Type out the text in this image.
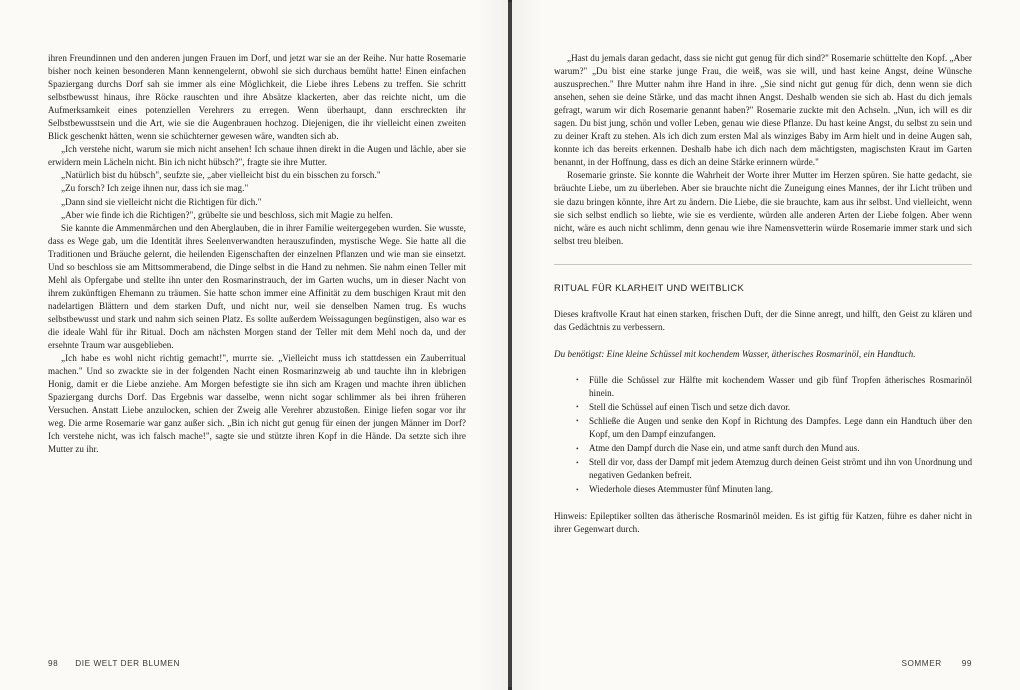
ihren Freundinnen und den anderen jungen Frauen im Dorf, und jetzt war sie an der Reihe. Nur hatte Rosemarie bisher noch keinen besonderen Mann kennengelernt, obwohl sie sich durchaus bemüht hatte! Einen einfachen Spaziergang durchs Dorf sah sie immer als eine Möglichkeit, die Liebe ihres Lebens zu treffen. Sie schritt selbstbewusst hinaus, ihre Röcke rauschten und ihre Absätze klackerten, aber das reichte nicht, um die Aufmerksamkeit eines potenziellen Verehrers zu erregen. Wenn überhaupt, dann erschreckten ihr Selbstbewusstsein und die Art, wie sie die Augenbrauen hochzog. Diejenigen, die ihr vielleicht einen zweiten Blick geschenkt hätten, wenn sie schüchterner gewesen wäre, wandten sich ab.

„Ich verstehe nicht, warum sie mich nicht ansehen! Ich schaue ihnen direkt in die Augen und lächle, aber sie erwidern mein Lächeln nicht. Bin ich nicht hübsch?", fragte sie ihre Mutter.

„Natürlich bist du hübsch", seufzte sie, „aber vielleicht bist du ein bisschen zu forsch."

„Zu forsch? Ich zeige ihnen nur, dass ich sie mag."

„Dann sind sie vielleicht nicht die Richtigen für dich."

„Aber wie finde ich die Richtigen?", grübelte sie und beschloss, sich mit Magie zu helfen.

Sie kannte die Ammenmärchen und den Aberglauben, die in ihrer Familie weitergegeben wurden. Sie wusste, dass es Wege gab, um die Identität ihres Seelenverwandten herauszufinden, mystische Wege. Sie hatte all die Traditionen und Bräuche gelernt, die heilenden Eigenschaften der einzelnen Pflanzen und wie man sie einsetzt. Und so beschloss sie am Mittsommerabend, die Dinge selbst in die Hand zu nehmen. Sie nahm einen Teller mit Mehl als Opfergabe und stellte ihn unter den Rosmarinstrauch, der im Garten wuchs, um in dieser Nacht von ihrem zukünftigen Ehemann zu träumen. Sie hatte schon immer eine Affinität zu dem buschigen Kraut mit den nadelartigen Blättern und dem starken Duft, und nicht nur, weil sie denselben Namen trug. Es wuchs selbstbewusst und stark und nahm sich seinen Platz. Es sollte außerdem Weissagungen begünstigen, also war es die ideale Wahl für ihr Ritual. Doch am nächsten Morgen stand der Teller mit dem Mehl noch da, und der ersehnte Traum war ausgeblieben.

„Ich habe es wohl nicht richtig gemacht!", murrte sie. „Vielleicht muss ich stattdessen ein Zauberritual machen." Und so zwackte sie in der folgenden Nacht einen Rosmarinzweig ab und tauchte ihn in klebrigen Honig, damit er die Liebe anziehe. Am Morgen befestigte sie ihn sich am Kragen und machte ihren üblichen Spaziergang durchs Dorf. Das Ergebnis war dasselbe, wenn nicht sogar schlimmer als bei ihren früheren Versuchen. Anstatt Liebe anzulocken, schien der Zweig alle Verehrer abzustoßen. Einige liefen sogar vor ihr weg. Die arme Rosemarie war ganz außer sich. „Bin ich nicht gut genug für einen der jungen Männer im Dorf? Ich verstehe nicht, was ich falsch mache!", sagte sie und stützte ihren Kopf in die Hände. Da setzte sich ihre Mutter zu ihr.

98 DIE WELT DER BLUMEN

„Hast du jemals daran gedacht, dass sie nicht gut genug für dich sind?" Rosemarie schüttelte den Kopf. „Aber warum?" „Du bist eine starke junge Frau, die weiß, was sie will, und hast keine Angst, deine Wünsche auszusprechen." Ihre Mutter nahm ihre Hand in ihre. „Sie sind nicht gut genug für dich, denn wenn sie dich ansehen, sehen sie deine Stärke, und das macht ihnen Angst. Deshalb wenden sie sich ab. Hast du dich jemals gefragt, warum wir dich Rosemarie genannt haben?" Rosemarie zuckte mit den Achseln. „Nun, ich will es dir sagen. Du bist jung, schön und voller Leben, genau wie diese Pflanze. Du hast keine Angst, du selbst zu sein und zu deiner Kraft zu stehen. Als ich dich zum ersten Mal als winziges Baby im Arm hielt und in deine Augen sah, konnte ich das bereits erkennen. Deshalb habe ich dich nach dem mächtigsten, magischsten Kraut im Garten benannt, in der Hoffnung, dass es dich an deine Stärke erinnern würde."

Rosemarie grinste. Sie konnte die Wahrheit der Worte ihrer Mutter im Herzen spüren. Sie hatte gedacht, sie bräuchte Liebe, um zu überleben. Aber sie brauchte nicht die Zuneigung eines Mannes, der ihr Licht trüben und sie dazu bringen könnte, ihre Art zu ändern. Die Liebe, die sie brauchte, kam aus ihr selbst. Und vielleicht, wenn sie sich selbst endlich so liebte, wie sie es verdiente, würden alle anderen Arten der Liebe folgen. Aber wenn nicht, wäre es auch nicht schlimm, denn genau wie ihre Namensvetterin würde Rosemarie immer stark und sich selbst treu bleiben.

RITUAL FÜR KLARHEIT UND WEITBLICK

Dieses kraftvolle Kraut hat einen starken, frischen Duft, der die Sinne anregt, und hilft, den Geist zu klären und das Gedächtnis zu verbessern.

Du benötigst: Eine kleine Schüssel mit kochendem Wasser, ätherisches Rosmarinöl, ein Handtuch.

• Fülle die Schüssel zur Hälfte mit kochendem Wasser und gib fünf Tropfen ätherisches Rosmarinöl hinein.
• Stell die Schüssel auf einen Tisch und setze dich davor.
• Schließe die Augen und senke den Kopf in Richtung des Dampfes. Lege dann ein Handtuch über den Kopf, um den Dampf einzufangen.
• Atme den Dampf durch die Nase ein, und atme sanft durch den Mund aus.
• Stell dir vor, dass der Dampf mit jedem Atemzug durch deinen Geist strömt und ihn von Unordnung und negativen Gedanken befreit.
• Wiederhole dieses Atemmuster fünf Minuten lang.

Hinweis: Epileptiker sollten das ätherische Rosmarinöl meiden. Es ist giftig für Katzen, führe es daher nicht in ihrer Gegenwart durch.

SOMMER 99
